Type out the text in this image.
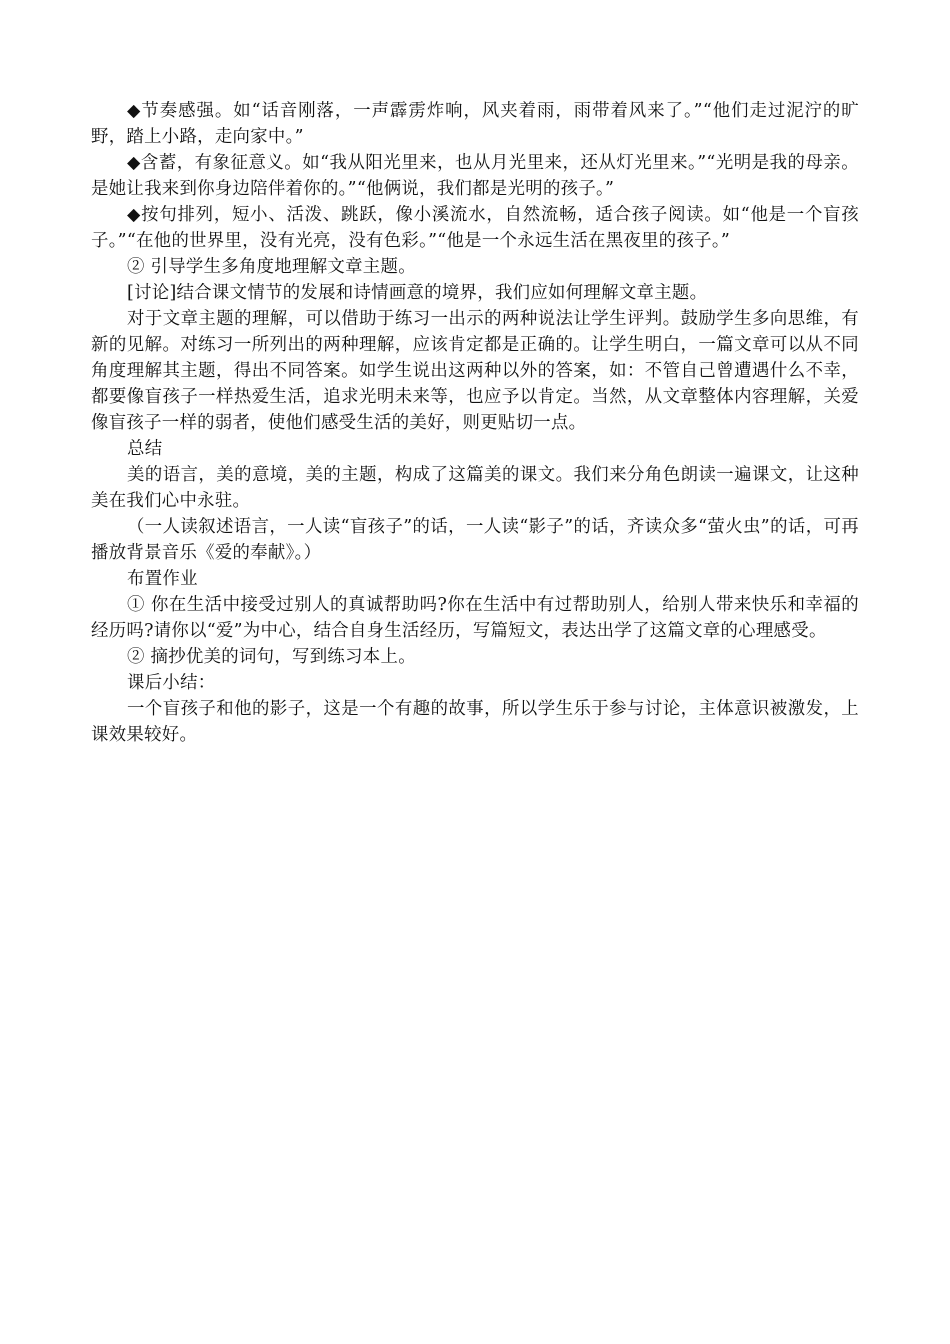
◆节奏感强。如“话音刚落，一声霹雳炸响，风夹着雨，雨带着风来了。”“他们走过泥泞的旷野，踏上小路，走向家中。”

◆含蓄，有象征意义。如“我从阳光里来，也从月光里来，还从灯光里来。”“光明是我的母亲。是她让我来到你身边陪伴着你的。”“他俩说，我们都是光明的孩子。”

◆按句排列，短小、活泼、跳跃，像小溪流水，自然流畅，适合孩子阅读。如“他是一个盲孩子。”“在他的世界里，没有光亮，没有色彩。”“他是一个永远生活在黑夜里的孩子。”

② 引导学生多角度地理解文章主题。

[讨论]结合课文情节的发展和诗情画意的境界，我们应如何理解文章主题。

对于文章主题的理解，可以借助于练习一出示的两种说法让学生评判。鼓励学生多向思维，有新的见解。对练习一所列出的两种理解，应该肯定都是正确的。让学生明白，一篇文章可以从不同角度理解其主题，得出不同答案。如学生说出这两种以外的答案，如：不管自己曾遭遇什么不幸，都要像盲孩子一样热爱生活，追求光明未来等，也应予以肯定。当然，从文章整体内容理解，关爱像盲孩子一样的弱者，使他们感受生活的美好，则更贴切一点。

总结

美的语言，美的意境，美的主题，构成了这篇美的课文。我们来分角色朗读一遍课文，让这种美在我们心中永驻。

（一人读叙述语言，一人读“盲孩子”的话，一人读“影子”的话，齐读众多“萤火虫”的话，可再播放背景音乐《爱的奉献》。）

布置作业

① 你在生活中接受过别人的真诚帮助吗?你在生活中有过帮助别人，给别人带来快乐和幸福的经历吗?请你以“爱”为中心，结合自身生活经历，写篇短文，表达出学了这篇文章的心理感受。

② 摘抄优美的词句，写到练习本上。

课后小结：

一个盲孩子和他的影子，这是一个有趣的故事，所以学生乐于参与讨论，主体意识被激发，上课效果较好。
